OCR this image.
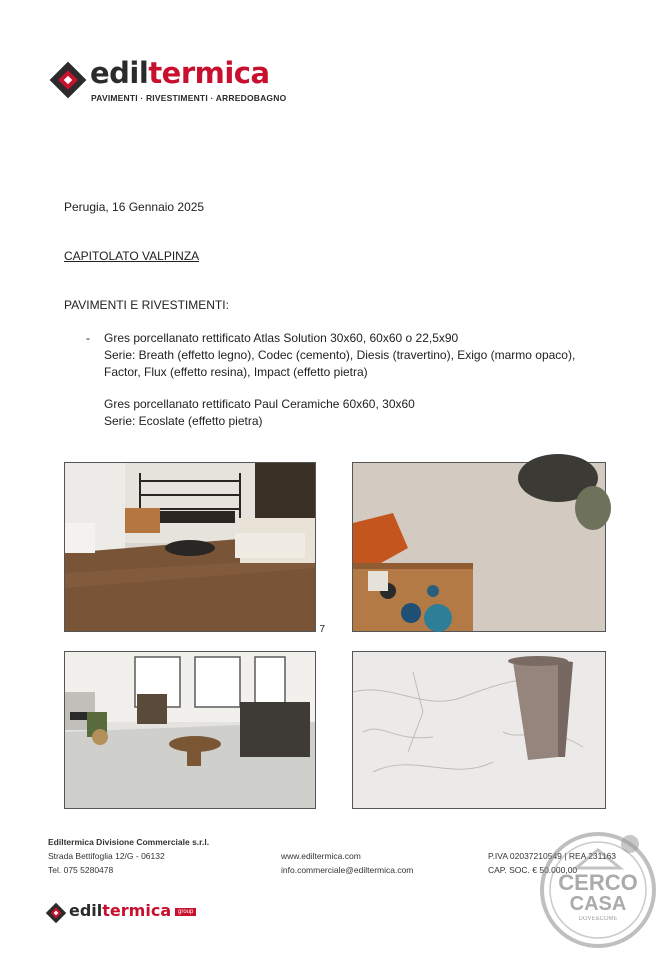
ediltermica
PAVIMENTI · RIVESTIMENTI · ARREDOBAGNO
Perugia, 16 Gennaio 2025
CAPITOLATO VALPINZA
PAVIMENTI E RIVESTIMENTI:
- Gres porcellanato rettificato Atlas Solution 30x60, 60x60 o 22,5x90
Serie: Breath (effetto legno), Codec (cemento), Diesis (travertino), Exigo (marmo opaco),
Factor, Flux (effetto resina), Impact (effetto pietra)
Gres porcellanato rettificato Paul Ceramiche 60x60, 30x60
Serie: Ecoslate (effetto pietra)
7
Ediltermica Divisione Commerciale s.r.l.
Strada Bettifoglia 12/G - 06132
Tel. 075 5280478
www.ediltermica.com
info.commerciale@ediltermica.com
P.IVA 02037210549 | REA 231163
CAP. SOC. € 50.000,00
ediltermica	group
CERCO
CASA
DOVE&COME
